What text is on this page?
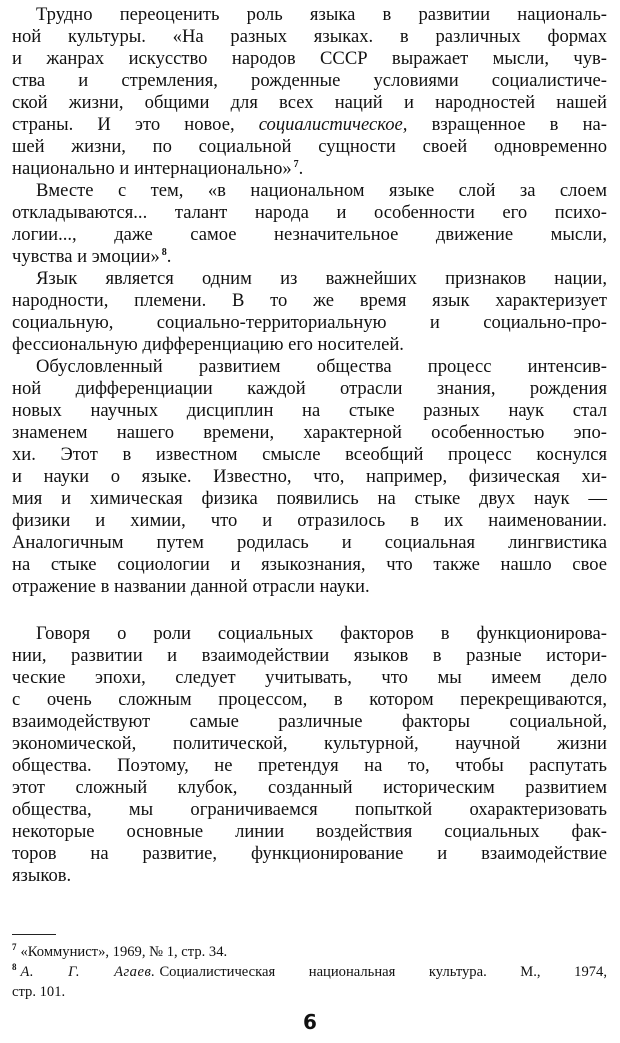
Трудно переоценить роль языка в развитии националь-
ной культуры. «На разных языках. в различных формах
и жанрах искусство народов СССР выражает мысли, чув-
ства и стремления, рожденные условиями социалистиче-
ской жизни, общими для всех наций и народностей нашей
страны. И это новое, социалистическое, взращенное в на-
шей жизни, по социальной сущности своей одновременно
национально и интернационально» $^7$.
Вместе с тем, «в национальном языке слой за слоем
откладываются... талант народа и особенности его психо-
логии..., даже самое незначительное движение мысли,
чувства и эмоции» $^8$.
Язык является одним из важнейших признаков нации,
народности, племени. В то же время язык характеризует
социальную, социально-территориальную и социально-про-
фессиональную дифференциацию его носителей.
Обусловленный развитием общества процесс интенсив-
ной дифференциации каждой отрасли знания, рождения
новых научных дисциплин на стыке разных наук стал
знаменем нашего времени, характерной особенностью эпо-
хи. Этот в известном смысле всеобщий процесс коснулся
и науки о языке. Известно, что, например, физическая хи-
мия и химическая физика появились на стыке двух наук —
физики и химии, что и отразилось в их наименовании.
Аналогичным путем родилась и социальная лингвистика
на стыке социологии и языкознания, что также нашло свое
отражение в названии данной отрасли науки.
Говоря о роли социальных факторов в функционирова-
нии, развитии и взаимодействии языков в разные истори-
ческие эпохи, следует учитывать, что мы имеем дело
с очень сложным процессом, в котором перекрещиваются,
взаимодействуют самые различные факторы социальной,
экономической, политической, культурной, научной жизни
общества. Поэтому, не претендуя на то, чтобы распутать
этот сложный клубок, созданный историческим развитием
общества, мы ограничиваемся попыткой охарактеризовать
некоторые основные линии воздействия социальных фак-
торов на развитие, функционирование и взаимодействие
языков.
$^7$ «Коммунист», 1969, № 1, стр. 34.
$^8$ А. Г. Агаев. Социалистическая национальная культура. М., 1974,
стр. 101.
6
